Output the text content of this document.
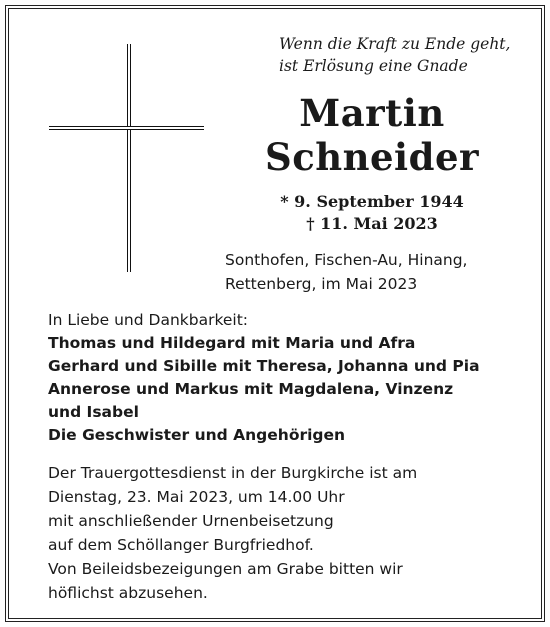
Wenn die Kraft zu Ende geht,
ist Erlösung eine Gnade
Martin
Schneider
* 9. September 1944
† 11. Mai 2023
Sonthofen, Fischen-Au, Hinang,
Rettenberg, im Mai 2023
In Liebe und Dankbarkeit:
Thomas und Hildegard mit Maria und Afra
Gerhard und Sibille mit Theresa, Johanna und Pia
Annerose und Markus mit Magdalena, Vinzenz
und Isabel
Die Geschwister und Angehörigen
Der Trauergottesdienst in der Burgkirche ist am
Dienstag, 23. Mai 2023, um 14.00 Uhr
mit anschließender Urnenbeisetzung
auf dem Schöllanger Burgfriedhof.
Von Beileidsbezeigungen am Grabe bitten wir
höflichst abzusehen.
